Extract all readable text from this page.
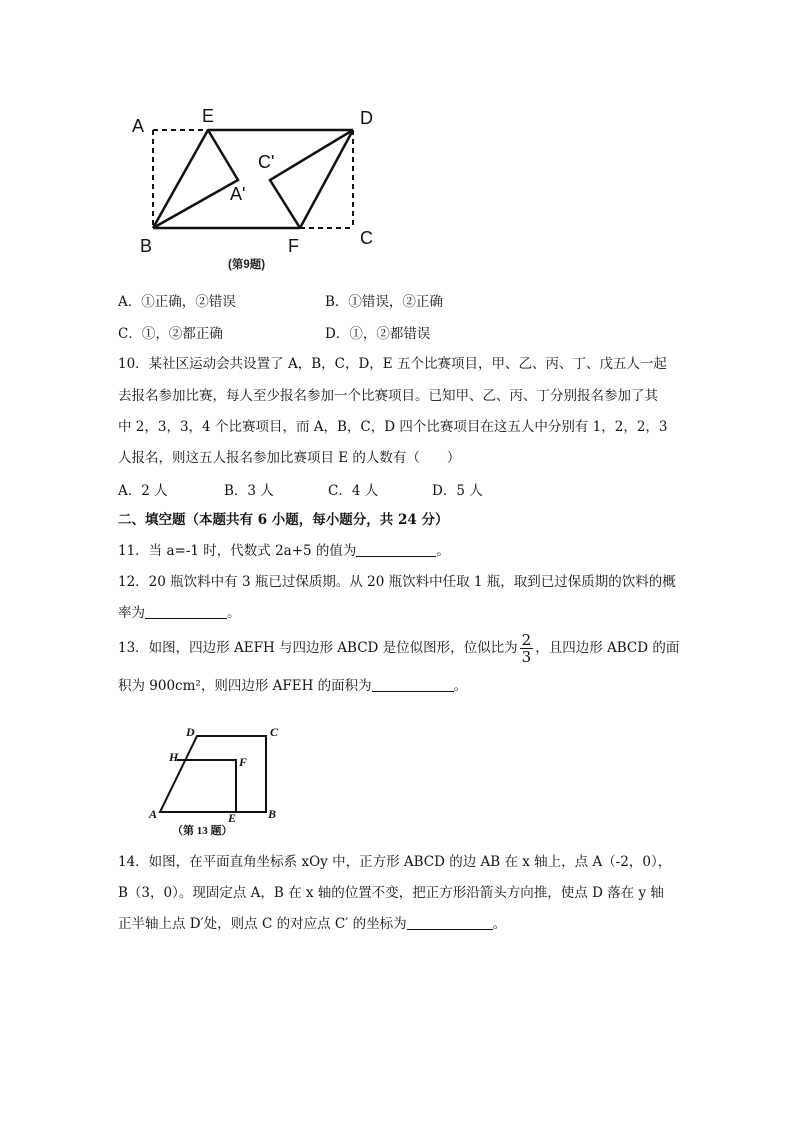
A	E	D
C'
A'
B	F	C
(第9题)
A．①正确，②错误	B．①错误，②正确
C．①，②都正确	D．①，②都错误
10．某社区运动会共设置了 A，B，C，D，E 五个比赛项目，甲、乙、丙、丁、戊五人一起
去报名参加比赛，每人至少报名参加一个比赛项目。已知甲、乙、丙、丁分别报名参加了其
中 2，3，3，4 个比赛项目，而 A，B，C，D 四个比赛项目在这五人中分别有 1，2，2，3
人报名，则这五人报名参加比赛项目 E 的人数有（　　）
A．2 人	B．3 人	C．4 人	D．5 人
二、填空题（本题共有 6 小题，每小题分，共 24 分）
11．当 a=-1 时，代数式 2a+5 的值为	。
12．20 瓶饮料中有 3 瓶已过保质期。从 20 瓶饮料中任取 1 瓶，取到已过保质期的饮料的概
率为	。
13．如图，四边形 AEFH 与四边形 ABCD 是位似图形，位似比为 $\frac{2}{3}$ ，且四边形 ABCD 的面
积为 900cm²，则四边形 AFEH 的面积为	。
D	C
H	F
A	E	B
（第 13 题）
14．如图，在平面直角坐标系 xOy 中，正方形 ABCD 的边 AB 在 x 轴上，点 A（-2，0），
B（3，0）。现固定点 A，B 在 x 轴的位置不变，把正方形沿箭头方向推，使点 D 落在 y 轴
正半轴上点 D′处，则点 C 的对应点 C′ 的坐标为	。
